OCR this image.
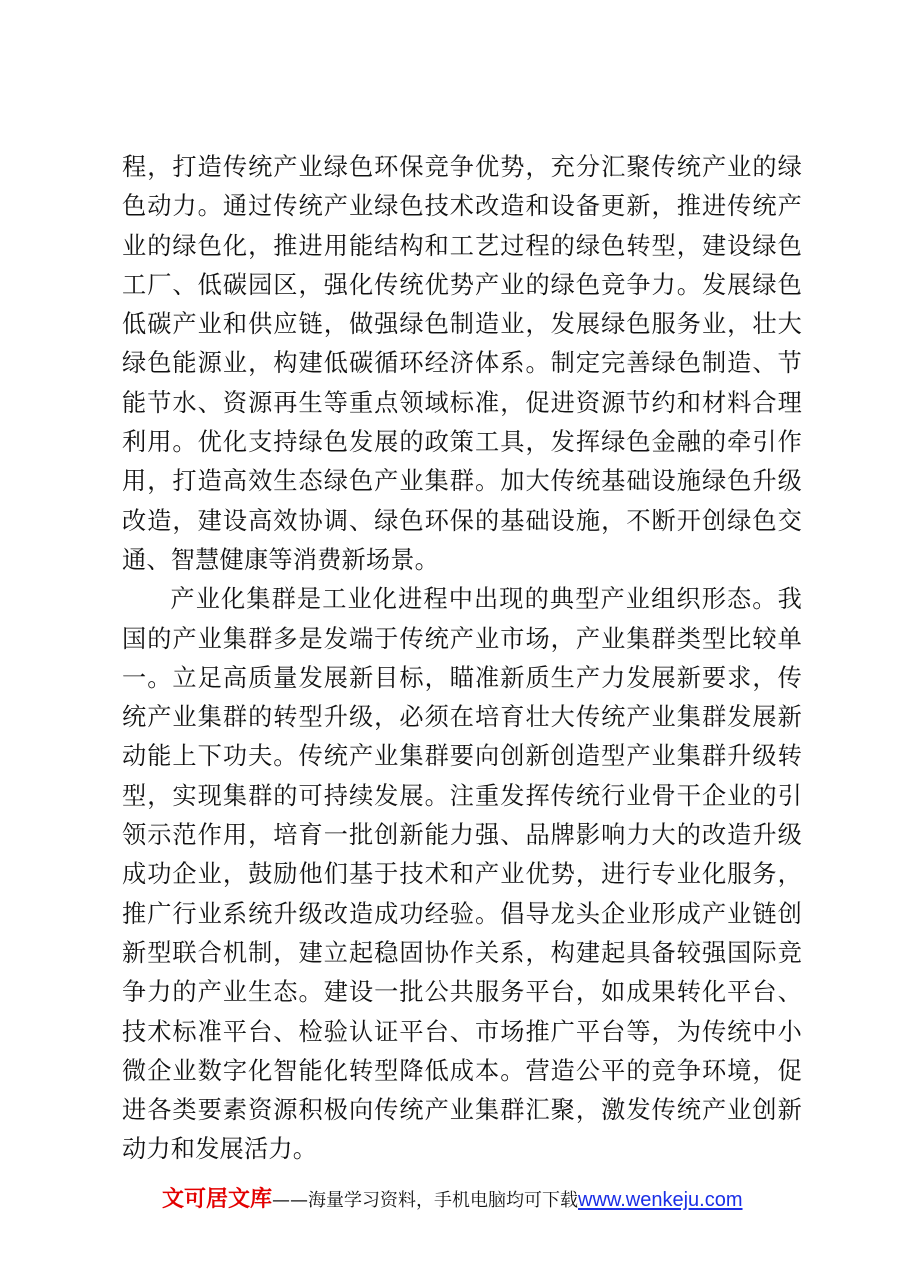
程，打造传统产业绿色环保竞争优势，充分汇聚传统产业的绿色动力。通过传统产业绿色技术改造和设备更新，推进传统产业的绿色化，推进用能结构和工艺过程的绿色转型，建设绿色工厂、低碳园区，强化传统优势产业的绿色竞争力。发展绿色低碳产业和供应链，做强绿色制造业，发展绿色服务业，壮大绿色能源业，构建低碳循环经济体系。制定完善绿色制造、节能节水、资源再生等重点领域标准，促进资源节约和材料合理利用。优化支持绿色发展的政策工具，发挥绿色金融的牵引作用，打造高效生态绿色产业集群。加大传统基础设施绿色升级改造，建设高效协调、绿色环保的基础设施，不断开创绿色交通、智慧健康等消费新场景。

产业化集群是工业化进程中出现的典型产业组织形态。我国的产业集群多是发端于传统产业市场，产业集群类型比较单一。立足高质量发展新目标，瞄准新质生产力发展新要求，传统产业集群的转型升级，必须在培育壮大传统产业集群发展新动能上下功夫。传统产业集群要向创新创造型产业集群升级转型，实现集群的可持续发展。注重发挥传统行业骨干企业的引领示范作用，培育一批创新能力强、品牌影响力大的改造升级成功企业，鼓励他们基于技术和产业优势，进行专业化服务，推广行业系统升级改造成功经验。倡导龙头企业形成产业链创新型联合机制，建立起稳固协作关系，构建起具备较强国际竞争力的产业生态。建设一批公共服务平台，如成果转化平台、技术标准平台、检验认证平台、市场推广平台等，为传统中小微企业数字化智能化转型降低成本。营造公平的竞争环境，促进各类要素资源积极向传统产业集群汇聚，激发传统产业创新动力和发展活力。

文可居文库 ——海量学习资料，手机电脑均可下载 www.wenkeju.com
